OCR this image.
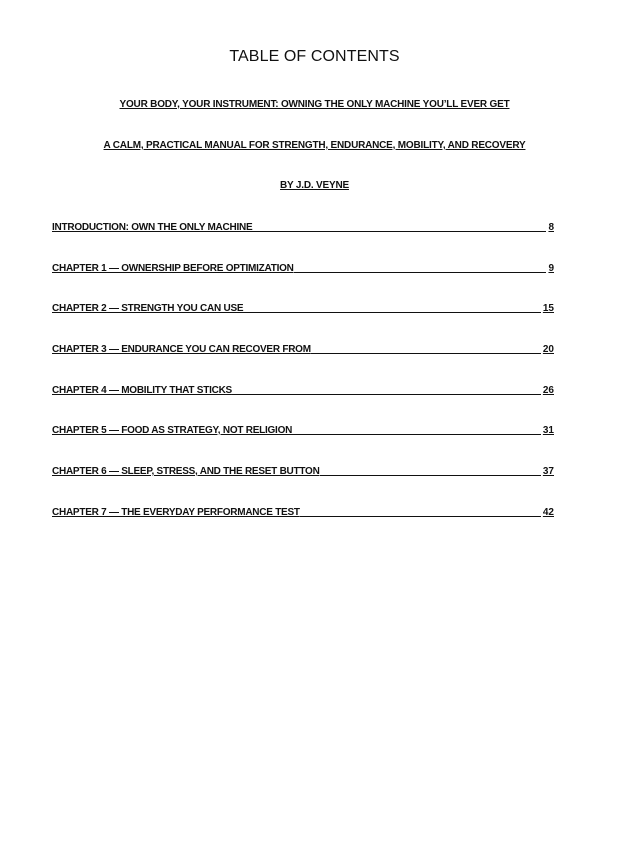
TABLE OF CONTENTS

YOUR BODY, YOUR INSTRUMENT: OWNING THE ONLY MACHINE YOU’LL EVER GET

A CALM, PRACTICAL MANUAL FOR STRENGTH, ENDURANCE, MOBILITY, AND RECOVERY

BY J.D. VEYNE

INTRODUCTION: OWN THE ONLY MACHINE	8
CHAPTER 1 — OWNERSHIP BEFORE OPTIMIZATION	9
CHAPTER 2 — STRENGTH YOU CAN USE	15
CHAPTER 3 — ENDURANCE YOU CAN RECOVER FROM	20
CHAPTER 4 — MOBILITY THAT STICKS	26
CHAPTER 5 — FOOD AS STRATEGY, NOT RELIGION	31
CHAPTER 6 — SLEEP, STRESS, AND THE RESET BUTTON	37
CHAPTER 7 — THE EVERYDAY PERFORMANCE TEST	42
